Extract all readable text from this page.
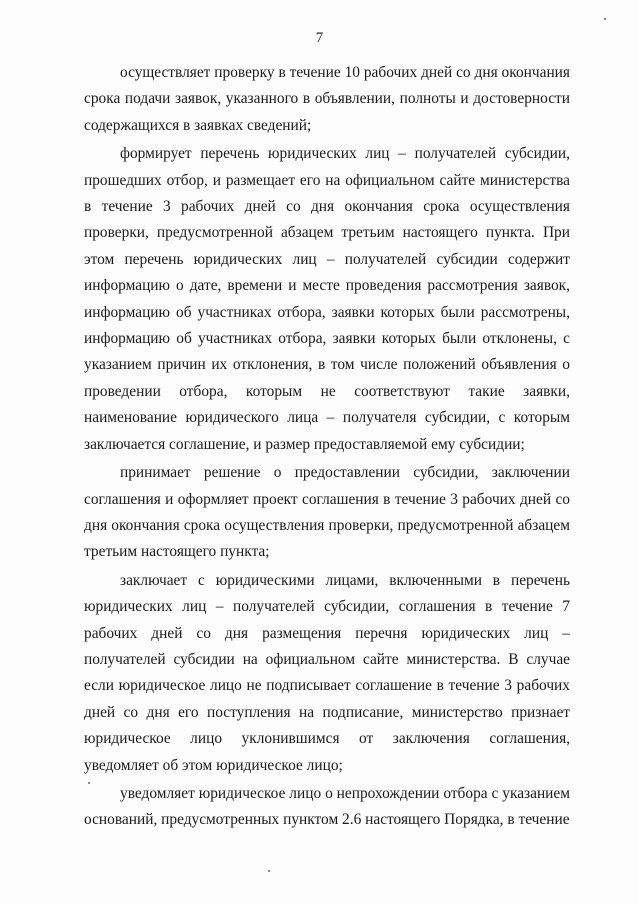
7

осуществляет проверку в течение 10 рабочих дней со дня окончания срока подачи заявок, указанного в объявлении, полноты и достоверности содержащихся в заявках сведений;

формирует перечень юридических лиц – получателей субсидии, прошедших отбор, и размещает его на официальном сайте министерства в течение 3 рабочих дней со дня окончания срока осуществления проверки, предусмотренной абзацем третьим настоящего пункта. При этом перечень юридических лиц – получателей субсидии содержит информацию о дате, времени и месте проведения рассмотрения заявок, информацию об участниках отбора, заявки которых были рассмотрены, информацию об участниках отбора, заявки которых были отклонены, с указанием причин их отклонения, в том числе положений объявления о проведении отбора, которым не соответствуют такие заявки, наименование юридического лица – получателя субсидии, с которым заключается соглашение, и размер предоставляемой ему субсидии;

принимает решение о предоставлении субсидии, заключении соглашения и оформляет проект соглашения в течение 3 рабочих дней со дня окончания срока осуществления проверки, предусмотренной абзацем третьим настоящего пункта;

заключает с юридическими лицами, включенными в перечень юридических лиц – получателей субсидии, соглашения в течение 7 рабочих дней со дня размещения перечня юридических лиц – получателей субсидии на официальном сайте министерства. В случае если юридическое лицо не подписывает соглашение в течение 3 рабочих дней со дня его поступления на подписание, министерство признает юридическое лицо уклонившимся от заключения соглашения, уведомляет об этом юридическое лицо;

уведомляет юридическое лицо о непрохождении отбора с указанием оснований, предусмотренных пунктом 2.6 настоящего Порядка, в течение
